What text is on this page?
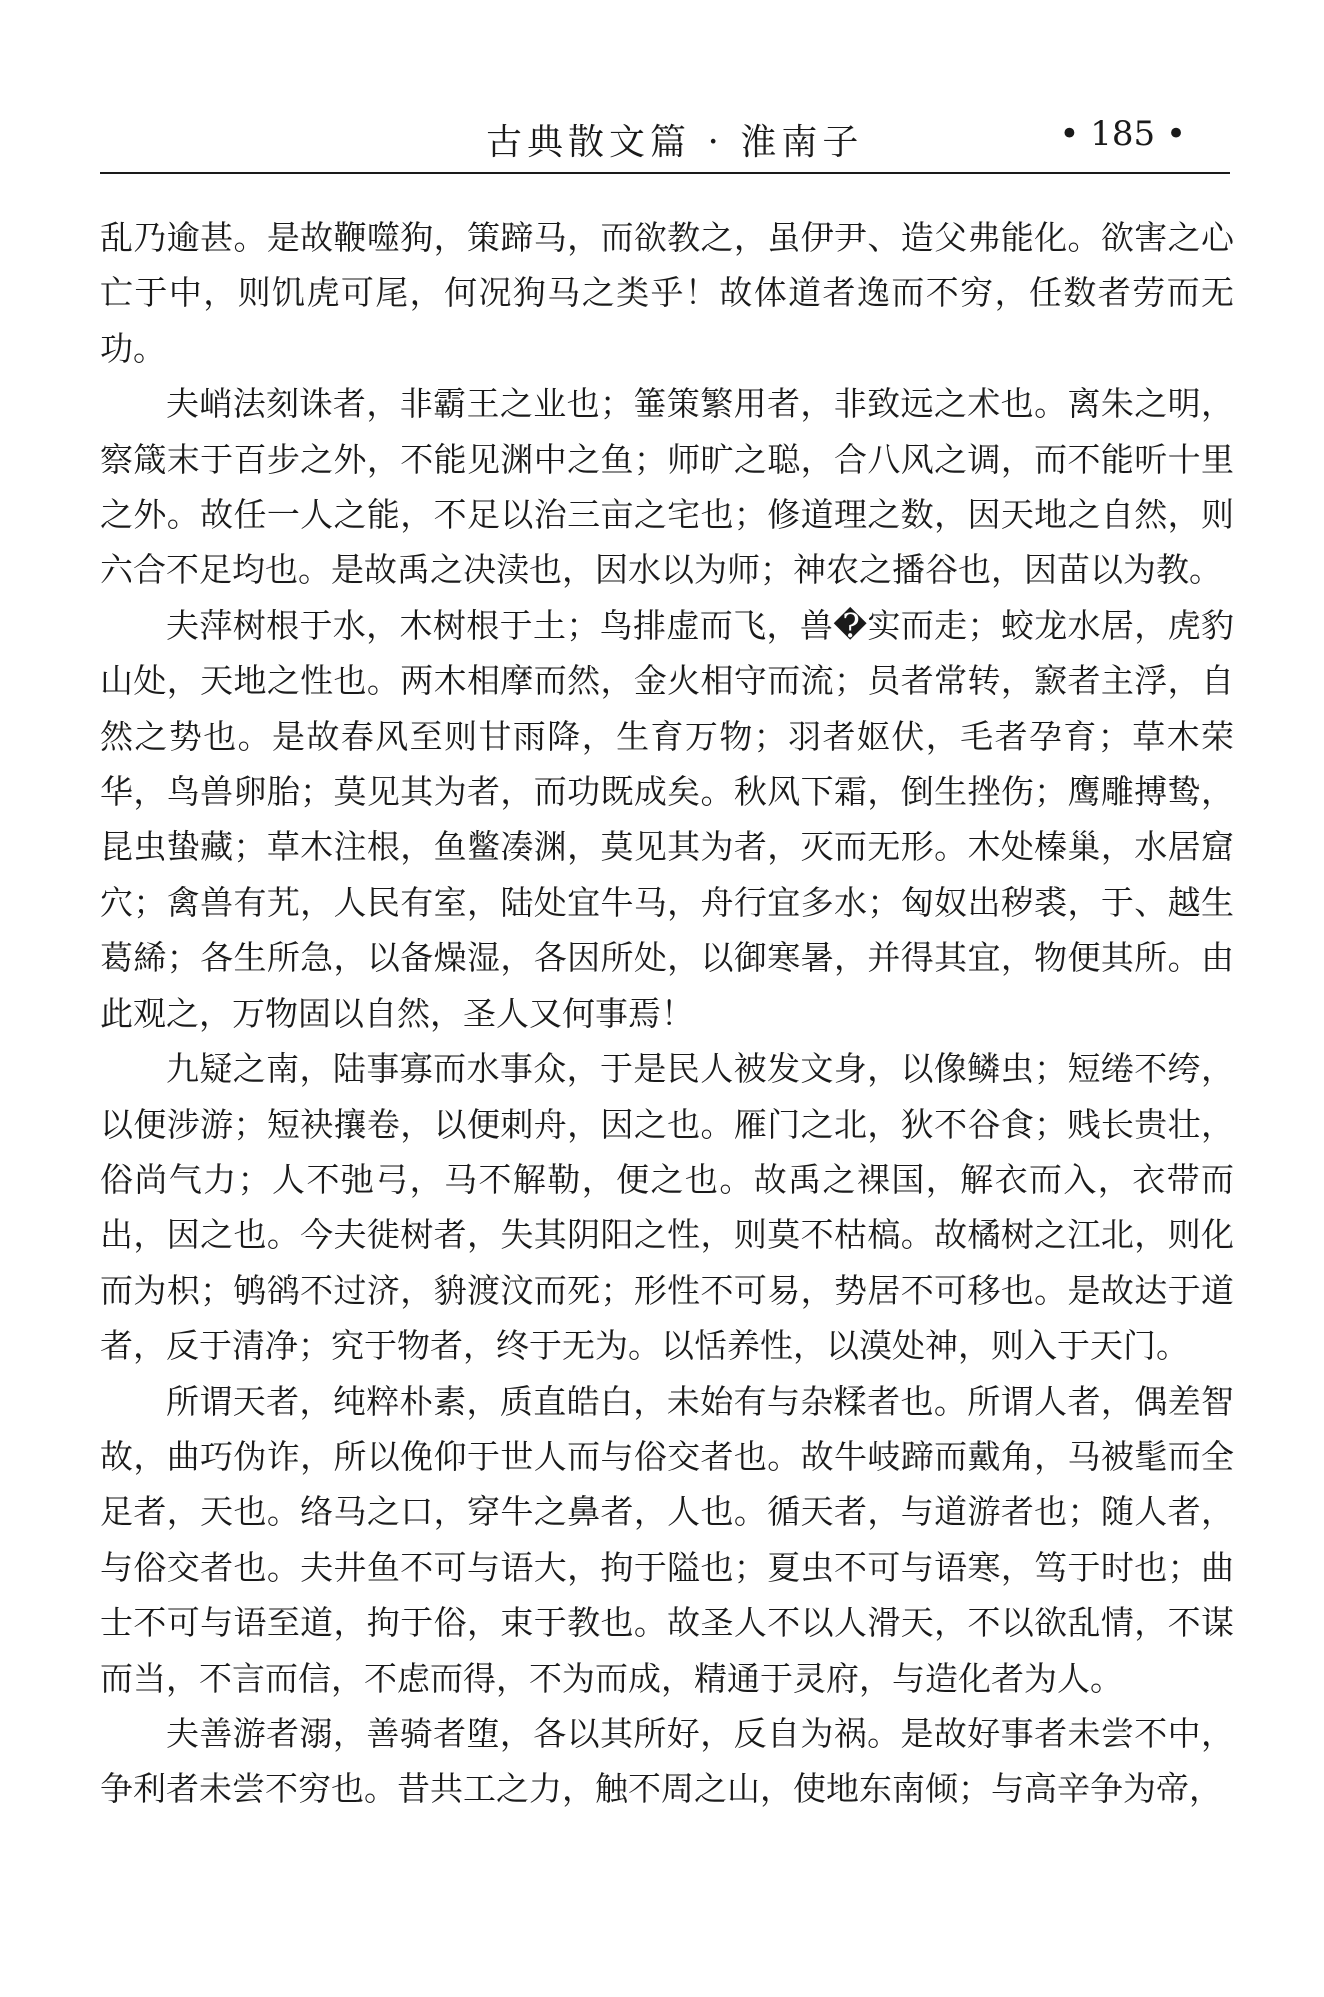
古典散文篇 · 淮南子	• 185 •

乱乃逾甚。是故鞭噬狗，策蹄马，而欲教之，虽伊尹、造父弗能化。欲害之心亡于中，则饥虎可尾，何况狗马之类乎！故体道者逸而不穷，任数者劳而无功。

夫峭法刻诛者，非霸王之业也；箠策繁用者，非致远之术也。离朱之明，察箴末于百步之外，不能见渊中之鱼；师旷之聪，合八风之调，而不能听十里之外。故任一人之能，不足以治三亩之宅也；修道理之数，因天地之自然，则六合不足均也。是故禹之决渎也，因水以为师；神农之播谷也，因苗以为教。

夫萍树根于水，木树根于土；鸟排虚而飞，兽�实而走；蛟龙水居，虎豹山处，天地之性也。两木相摩而然，金火相守而流；员者常转，窾者主浮，自然之势也。是故春风至则甘雨降，生育万物；羽者妪伏，毛者孕育；草木荣华，鸟兽卵胎；莫见其为者，而功既成矣。秋风下霜，倒生挫伤；鹰雕搏鸷，昆虫蛰藏；草木注根，鱼鳖凑渊，莫见其为者，灭而无形。木处榛巢，水居窟穴；禽兽有艽，人民有室，陆处宜牛马，舟行宜多水；匈奴出秽裘，于、越生葛絺；各生所急，以备燥湿，各因所处，以御寒暑，并得其宜，物便其所。由此观之，万物固以自然，圣人又何事焉！

九疑之南，陆事寡而水事众，于是民人被发文身，以像鳞虫；短绻不绔，以便涉游；短袂攘卷，以便刺舟，因之也。雁门之北，狄不谷食；贱长贵壮，俗尚气力；人不弛弓，马不解勒，便之也。故禹之裸国，解衣而入，衣带而出，因之也。今夫徙树者，失其阴阳之性，则莫不枯槁。故橘树之江北，则化而为枳；鸲鹆不过济，貈渡汶而死；形性不可易，势居不可移也。是故达于道者，反于清净；究于物者，终于无为。以恬养性，以漠处神，则入于天门。

所谓天者，纯粹朴素，质直皓白，未始有与杂糅者也。所谓人者，偶差智故，曲巧伪诈，所以俛仰于世人而与俗交者也。故牛岐蹄而戴角，马被髦而全足者，天也。络马之口，穿牛之鼻者，人也。循天者，与道游者也；随人者，与俗交者也。夫井鱼不可与语大，拘于隘也；夏虫不可与语寒，笃于时也；曲士不可与语至道，拘于俗，束于教也。故圣人不以人滑天，不以欲乱情，不谋而当，不言而信，不虑而得，不为而成，精通于灵府，与造化者为人。

夫善游者溺，善骑者堕，各以其所好，反自为祸。是故好事者未尝不中，争利者未尝不穷也。昔共工之力，触不周之山，使地东南倾；与高辛争为帝，
